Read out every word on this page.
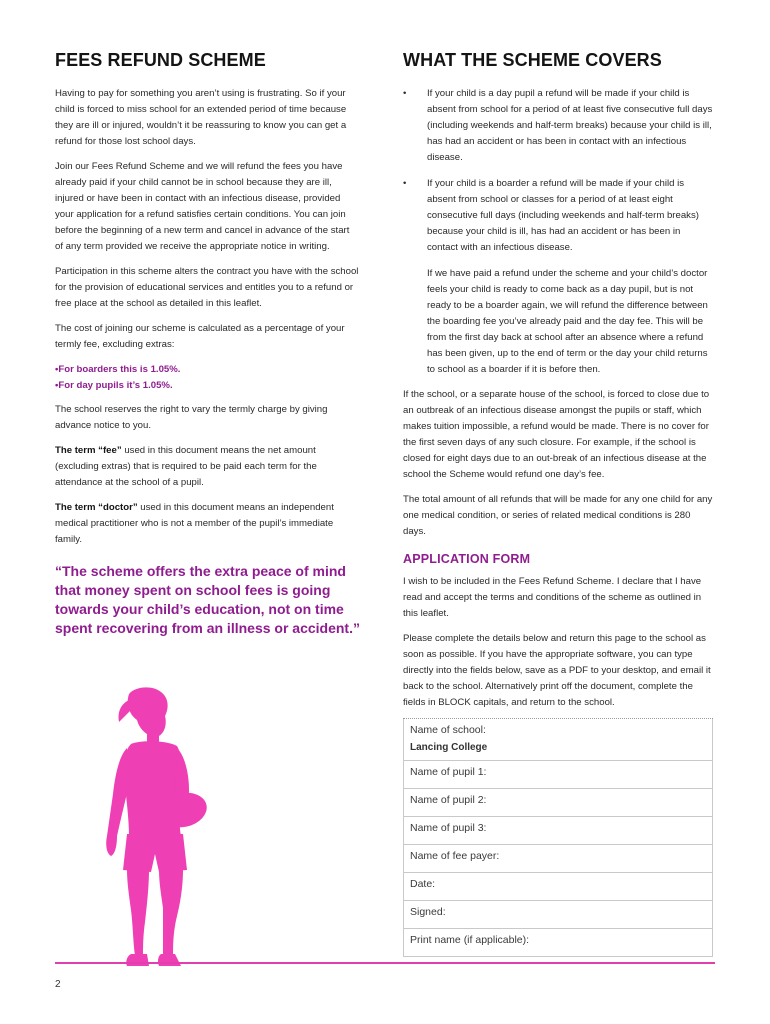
FEES REFUND SCHEME

Having to pay for something you aren’t using is frustrating. So if your child is forced to miss school for an extended period of time because they are ill or injured, wouldn’t it be reassuring to know you can get a refund for those lost school days.

Join our Fees Refund Scheme and we will refund the fees you have already paid if your child cannot be in school because they are ill, injured or have been in contact with an infectious disease, provided your application for a refund satisfies certain conditions. You can join before the beginning of a new term and cancel in advance of the start of any term provided we receive the appropriate notice in writing.

Participation in this scheme alters the contract you have with the school for the provision of educational services and entitles you to a refund or free place at the school as detailed in this leaflet.

The cost of joining our scheme is calculated as a percentage of your termly fee, excluding extras:

•For boarders this is 1.05%.

•For day pupils it’s 1.05%.

The school reserves the right to vary the termly charge by giving advance notice to you.

The term “fee” used in this document means the net amount (excluding extras) that is required to be paid each term for the attendance at the school of a pupil.

The term “doctor” used in this document means an independent medical practitioner who is not a member of the pupil’s immediate family.

“The scheme offers the extra peace of mind that money spent on school fees is going towards your child’s education, not on time spent recovering from an illness or accident.”

WHAT THE SCHEME COVERS
• If your child is a day pupil a refund will be made if your child is absent from school for a period of at least five consecutive full days (including weekends and half-term breaks) because your child is ill, has had an accident or has been in contact with an infectious disease.
• If your child is a boarder a refund will be made if your child is absent from school or classes for a period of at least eight consecutive full days (including weekends and half-term breaks) because your child is ill, has had an accident or has been in contact with an infectious disease.

If we have paid a refund under the scheme and your child’s doctor feels your child is ready to come back as a day pupil, but is not ready to be a boarder again, we will refund the difference between the boarding fee you’ve already paid and the day fee. This will be from the first day back at school after an absence where a refund has been given, up to the end of term or the day your child returns to school as a boarder if it is before then.

If the school, or a separate house of the school, is forced to close due to an outbreak of an infectious disease amongst the pupils or staff, which makes tuition impossible, a refund would be made. There is no cover for the first seven days of any such closure. For example, if the school is closed for eight days due to an out-break of an infectious disease at the school the Scheme would refund one day’s fee.

The total amount of all refunds that will be made for any one child for any one medical condition, or series of related medical conditions is 280 days.

APPLICATION FORM

I wish to be included in the Fees Refund Scheme. I declare that I have read and accept the terms and conditions of the scheme as outlined in this leaflet.

Please complete the details below and return this page to the school as soon as possible. If you have the appropriate software, you can type directly into the fields below, save as a PDF to your desktop, and email it back to the school. Alternatively print off the document, complete the fields in BLOCK capitals, and return to the school.

Name of school:
Lancing College
Name of pupil 1:
Name of pupil 2:
Name of pupil 3:
Name of fee payer:
Date:
Signed:
Print name (if applicable):
2
